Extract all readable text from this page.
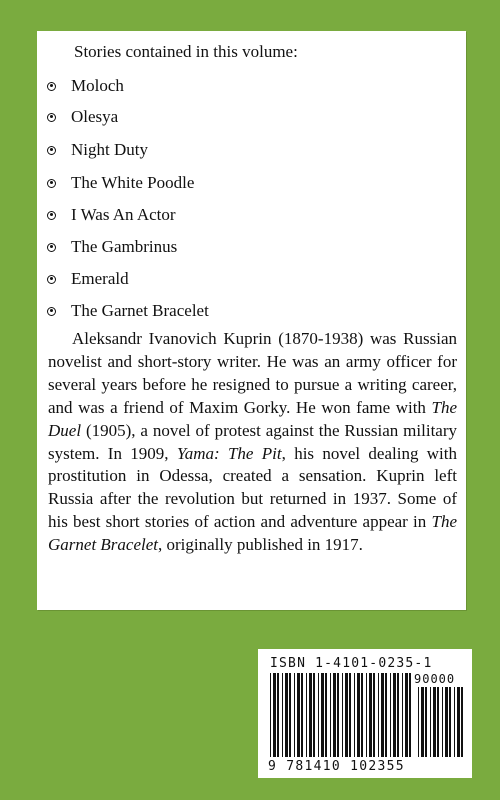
Stories contained in this volume:
Moloch
Olesya
Night Duty
The White Poodle
I Was An Actor
The Gambrinus
Emerald
The Garnet Bracelet

Aleksandr Ivanovich Kuprin (1870-1938) was Russian novelist and short-story writer. He was an army officer for several years before he resigned to pursue a writing career, and was a friend of Maxim Gorky. He won fame with The Duel (1905), a novel of protest against the Russian military system. In 1909, Yama: The Pit, his novel dealing with prostitution in Odessa, created a sensation. Kuprin left Russia after the revolution but returned in 1937. Some of his best short stories of action and adventure appear in The Garnet Bracelet, originally published in 1917.

ISBN 1-4101-0235-1
90000
9 781410 102355
